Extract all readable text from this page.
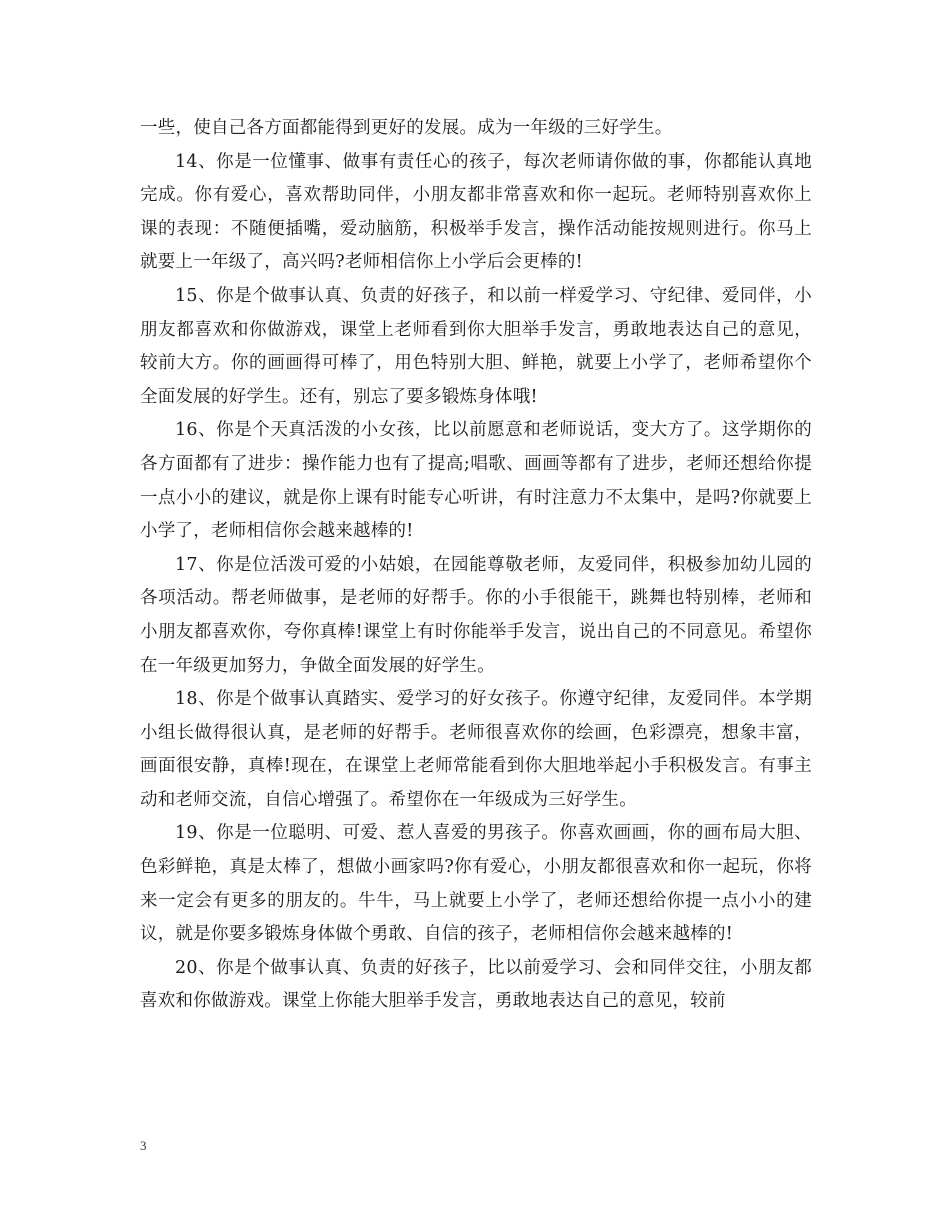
一些，使自己各方面都能得到更好的发展。成为一年级的三好学生。

14、你是一位懂事、做事有责任心的孩子，每次老师请你做的事，你都能认真地完成。你有爱心，喜欢帮助同伴，小朋友都非常喜欢和你一起玩。老师特别喜欢你上课的表现：不随便插嘴，爱动脑筋，积极举手发言，操作活动能按规则进行。你马上就要上一年级了，高兴吗?老师相信你上小学后会更棒的!

15、你是个做事认真、负责的好孩子，和以前一样爱学习、守纪律、爱同伴，小朋友都喜欢和你做游戏，课堂上老师看到你大胆举手发言，勇敢地表达自己的意见，较前大方。你的画画得可棒了，用色特别大胆、鲜艳，就要上小学了，老师希望你个全面发展的好学生。还有，别忘了要多锻炼身体哦!

16、你是个天真活泼的小女孩，比以前愿意和老师说话，变大方了。这学期你的各方面都有了进步：操作能力也有了提高;唱歌、画画等都有了进步，老师还想给你提一点小小的建议，就是你上课有时能专心听讲，有时注意力不太集中，是吗?你就要上小学了，老师相信你会越来越棒的!

17、你是位活泼可爱的小姑娘，在园能尊敬老师，友爱同伴，积极参加幼儿园的各项活动。帮老师做事，是老师的好帮手。你的小手很能干，跳舞也特别棒，老师和小朋友都喜欢你，夸你真棒!课堂上有时你能举手发言，说出自己的不同意见。希望你在一年级更加努力，争做全面发展的好学生。

18、你是个做事认真踏实、爱学习的好女孩子。你遵守纪律，友爱同伴。本学期小组长做得很认真，是老师的好帮手。老师很喜欢你的绘画，色彩漂亮，想象丰富，画面很安静，真棒!现在，在课堂上老师常能看到你大胆地举起小手积极发言。有事主动和老师交流，自信心增强了。希望你在一年级成为三好学生。

19、你是一位聪明、可爱、惹人喜爱的男孩子。你喜欢画画，你的画布局大胆、色彩鲜艳，真是太棒了，想做小画家吗?你有爱心，小朋友都很喜欢和你一起玩，你将来一定会有更多的朋友的。牛牛，马上就要上小学了，老师还想给你提一点小小的建议，就是你要多锻炼身体做个勇敢、自信的孩子，老师相信你会越来越棒的!

20、你是个做事认真、负责的好孩子，比以前爱学习、会和同伴交往，小朋友都喜欢和你做游戏。课堂上你能大胆举手发言，勇敢地表达自己的意见，较前

3
